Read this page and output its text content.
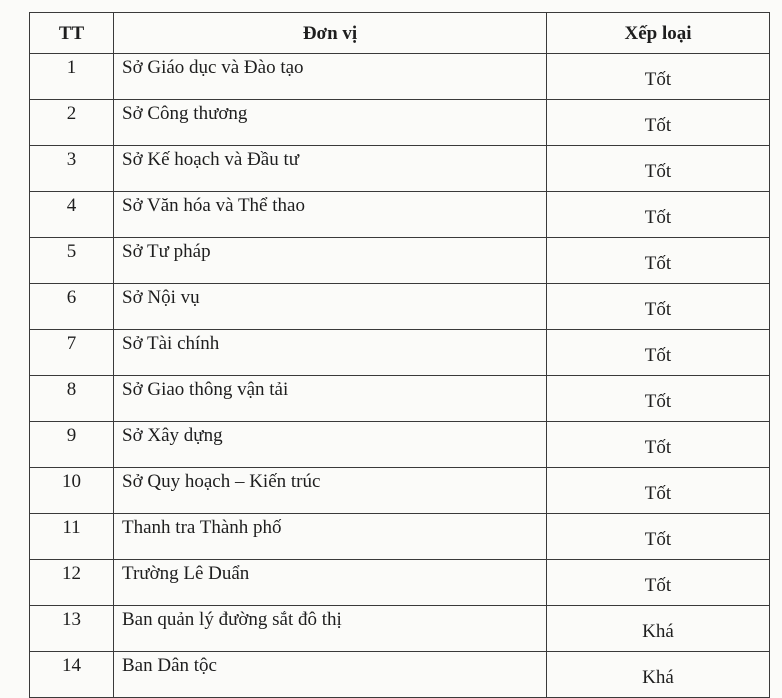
TT	Đơn vị	Xếp loại
1	Sở Giáo dục và Đào tạo	Tốt
2	Sở Công thương	Tốt
3	Sở Kế hoạch và Đầu tư	Tốt
4	Sở Văn hóa và Thể thao	Tốt
5	Sở Tư pháp	Tốt
6	Sở Nội vụ	Tốt
7	Sở Tài chính	Tốt
8	Sở Giao thông vận tải	Tốt
9	Sở Xây dựng	Tốt
10	Sở Quy hoạch – Kiến trúc	Tốt
11	Thanh tra Thành phố	Tốt
12	Trường Lê Duẩn	Tốt
13	Ban quản lý đường sắt đô thị	Khá
14	Ban Dân tộc	Khá
